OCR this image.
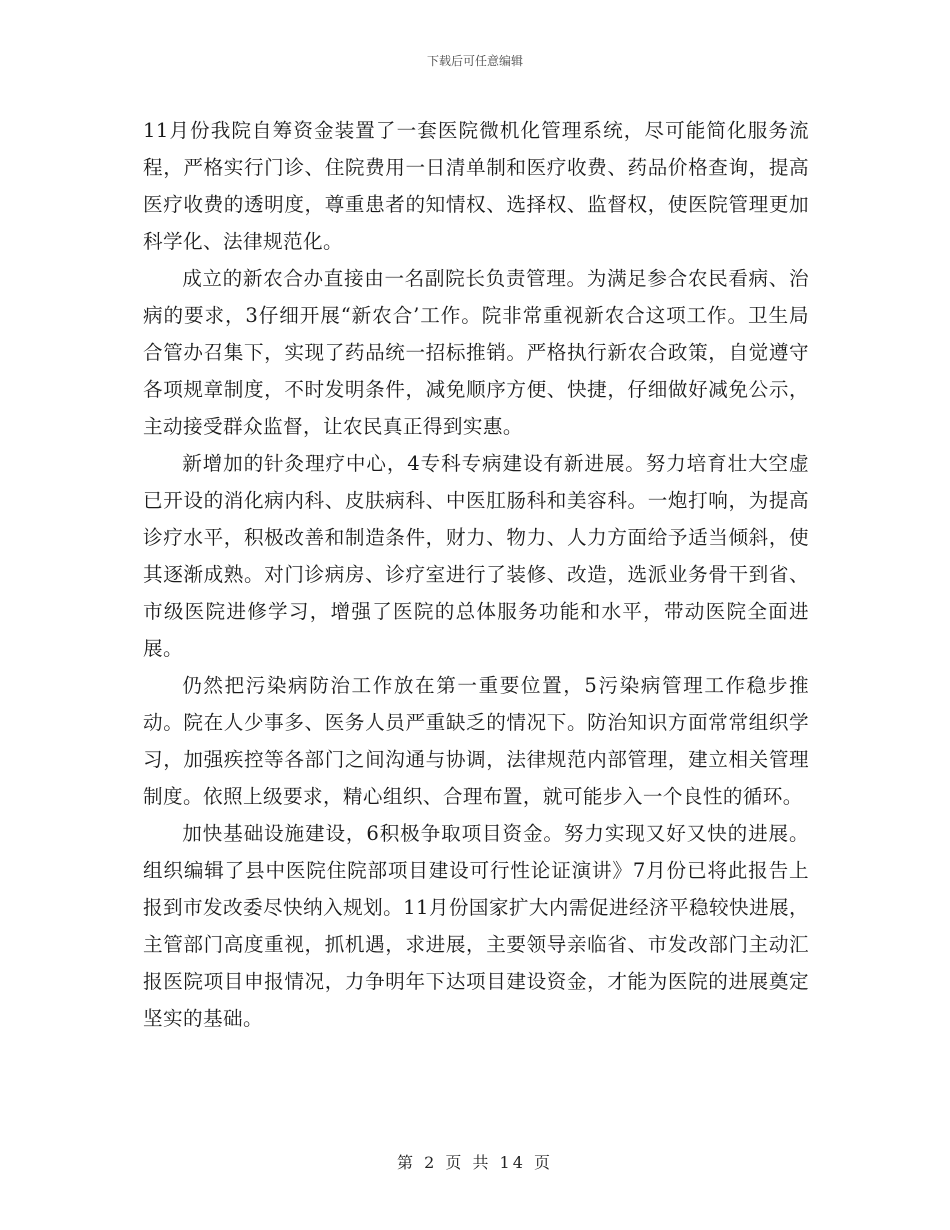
下载后可任意编辑

11月份我院自筹资金装置了一套医院微机化管理系统，尽可能简化服务流程，严格实行门诊、住院费用一日清单制和医疗收费、药品价格查询，提高医疗收费的透明度，尊重患者的知情权、选择权、监督权，使医院管理更加科学化、法律规范化。

成立的新农合办直接由一名副院长负责管理。为满足参合农民看病、治病的要求，3仔细开展“新农合’工作。院非常重视新农合这项工作。卫生局合管办召集下，实现了药品统一招标推销。严格执行新农合政策，自觉遵守各项规章制度，不时发明条件，减免顺序方便、快捷，仔细做好减免公示，主动接受群众监督，让农民真正得到实惠。

新增加的针灸理疗中心，4专科专病建设有新进展。努力培育壮大空虚已开设的消化病内科、皮肤病科、中医肛肠科和美容科。一炮打响，为提高诊疗水平，积极改善和制造条件，财力、物力、人力方面给予适当倾斜，使其逐渐成熟。对门诊病房、诊疗室进行了装修、改造，选派业务骨干到省、市级医院进修学习，增强了医院的总体服务功能和水平，带动医院全面进展。

仍然把污染病防治工作放在第一重要位置，5污染病管理工作稳步推动。院在人少事多、医务人员严重缺乏的情况下。防治知识方面常常组织学习，加强疾控等各部门之间沟通与协调，法律规范内部管理，建立相关管理制度。依照上级要求，精心组织、合理布置，就可能步入一个良性的循环。

加快基础设施建设，6积极争取项目资金。努力实现又好又快的进展。组织编辑了县中医院住院部项目建设可行性论证演讲》7月份已将此报告上报到市发改委尽快纳入规划。11月份国家扩大内需促进经济平稳较快进展，主管部门高度重视，抓机遇，求进展，主要领导亲临省、市发改部门主动汇报医院项目申报情况，力争明年下达项目建设资金，才能为医院的进展奠定坚实的基础。

第 2 页 共 14 页
